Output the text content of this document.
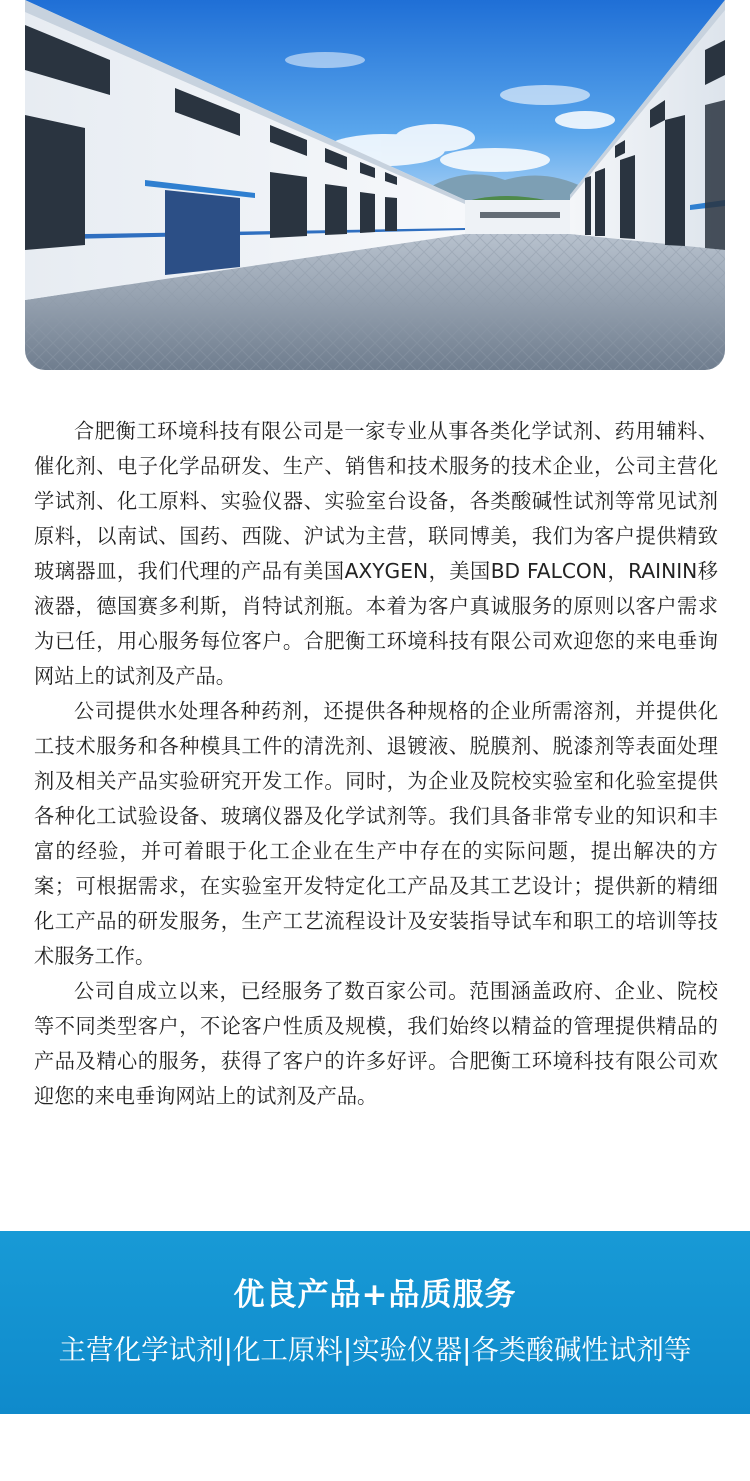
合肥衡工环境科技有限公司是一家专业从事各类化学试剂、药用辅料、催化剂、电子化学品研发、生产、销售和技术服务的技术企业，公司主营化学试剂、化工原料、实验仪器、实验室台设备，各类酸碱性试剂等常见试剂原料，以南试、国药、西陇、沪试为主营，联同博美，我们为客户提供精致玻璃器皿，我们代理的产品有美国AXYGEN，美国BD FALCON，RAININ移液器，德国赛多利斯，肖特试剂瓶。本着为客户真诚服务的原则以客户需求为已任，用心服务每位客户。合肥衡工环境科技有限公司欢迎您的来电垂询网站上的试剂及产品。

公司提供水处理各种药剂，还提供各种规格的企业所需溶剂，并提供化工技术服务和各种模具工件的清洗剂、退镀液、脱膜剂、脱漆剂等表面处理剂及相关产品实验研究开发工作。同时，为企业及院校实验室和化验室提供各种化工试验设备、玻璃仪器及化学试剂等。我们具备非常专业的知识和丰富的经验，并可着眼于化工企业在生产中存在的实际问题，提出解决的方案；可根据需求，在实验室开发特定化工产品及其工艺设计；提供新的精细化工产品的研发服务，生产工艺流程设计及安装指导试车和职工的培训等技术服务工作。

公司自成立以来，已经服务了数百家公司。范围涵盖政府、企业、院校等不同类型客户，不论客户性质及规模，我们始终以精益的管理提供精品的产品及精心的服务，获得了客户的许多好评。合肥衡工环境科技有限公司欢迎您的来电垂询网站上的试剂及产品。

优良产品+品质服务
主营化学试剂|化工原料|实验仪器|各类酸碱性试剂等
